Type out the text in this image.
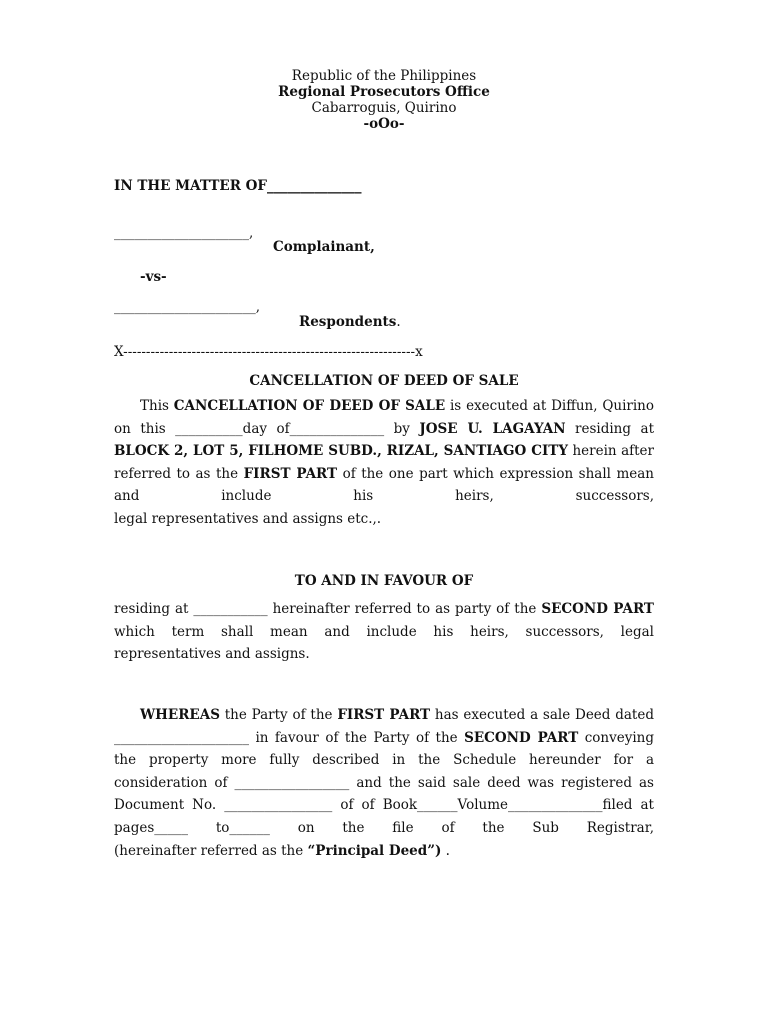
Republic of the Philippines
Regional Prosecutors Office
Cabarroguis, Quirino
-oOo-
IN THE MATTER OF______________
____________________,
Complainant,
-vs-
_____________________,
Respondents.
X----------------------------------------------------------------x
CANCELLATION OF DEED OF SALE
This CANCELLATION OF DEED OF SALE is executed at Diffun, Quirino on this __________day of______________ by JOSE U. LAGAYAN residing at BLOCK 2, LOT 5, FILHOME SUBD., RIZAL, SANTIAGO CITY herein after referred to as the FIRST PART of the one part which expression shall mean and include his heirs, successors,
legal representatives and assigns etc.,.
TO AND IN FAVOUR OF
residing at ___________ hereinafter referred to as party of the SECOND PART which term shall mean and include his heirs, successors, legal
representatives and assigns.
WHEREAS the Party of the FIRST PART has executed a sale Deed dated ____________________ in favour of the Party of the SECOND PART conveying the property more fully described in the Schedule hereunder for a consideration of _________________ and the said sale deed was registered as Document No. ________________ of of Book______Volume______________filed at pages_____ to______ on the file of the Sub Registrar,
(hereinafter referred as the “Principal Deed”) .
